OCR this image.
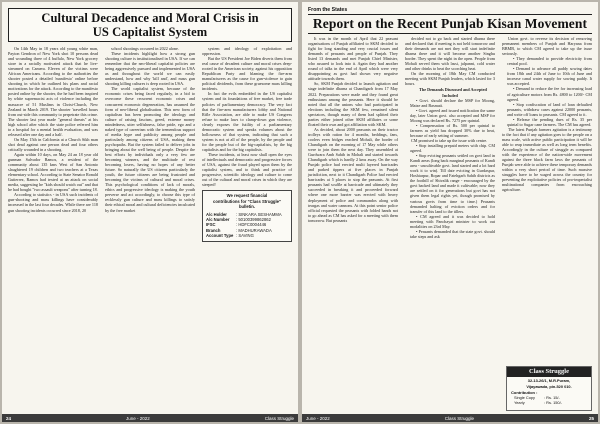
Cultural Decadence and Moral Crisis in
US Capitalist System

On 14th May in 18 years old young white man, Payton Gendron of New York shot 10 persons dead and wounding three of 4 buffalo, New York grocery store in a racially motivated attack that he live-streamed on Camera. Eleven of the victims were African Americans. According to the authorities the shooter posted a detailed 'manifesto' online before shooting in which he outlined his plans and racial motivations for the attack. According to the manifesto posted online by the shooter, the he had been inspired by white supremacist acts of violence including the massacre of 51 Muslims in Christ-Church, New Zealand in March 2019. The shooter 'travelled hours from out-side this community to perpetrate this crime. The shooter last year made "general threats" at his high school after which the state police referred him to a hospital for a mental health evaluation, and was released after one day and a half.

On May 15th in California at a Church Sikh man shot dead against one person dead and four others critically wounded in a shooting.

Again within 10 days, on May 24 an 18 year old gunman Salvador Ramos, a resident of the community about 135 kms West of San Antonio slaughtered 19 children and two teachers at a Texas elementary school. According to State Senator Ronald Gutierrez, Ramos had texted at an attack on social media, suggesting he "kids should watch out" and that he had bought "two assault weapons" after turning 18.

According to statistics - in USA such incidents of gun-shooting and mass killings have considerably increased in the last four decades. While there are 118 gun shooting incidents occurred since 2018, 20

school shootings occurred in 2022 alone.

These incidents highlight how a strong gun shooting culture is institutionalised in USA. If we can remember that the neo-liberal capitalist policies are being aggressively pursued and implemented in USA as and throughout the world we can easily understand, how and why 'kill and', and mass gun shooting killing cultures is deep rooted in USA.

The world capitalist system, because of the economic crises being faced regularly, in a bid to overcome these recurrent economic crises and concurrent economic degeneration, has assumed the form of neo-liberal globalisation. This new form of capitalism has been promoting the ideology and culture of raising fascism, greed, extreme money mindedness, utter selfishness, false pride, ego and a naked type of careerism with the tremendous support of media hype and publicity among people and particularly among citizens of USA, making them psychopaths. But the system failed to deliver jobs in bringing about the well being of people. Despite the best efforts by individuals only a very few are becoming winners, and the multitude of rest becoming losers, having no hopes of any better future. So naturally the US citizens particularly the youth, the future citizens are being frustrated and becoming the victims of cultural and moral crises. This psychological conditions of lack of morals, ethics and progressive ideology is making the youth perverse and act accordingly, to choose this type of recklessly gun culture and mass killings to satisfy their ethical moral and cultural deficiencies inculcated by the free market

system and ideology of exploitation and oppression.

But the US President Joe Biden diverts them from real cause of decadent culture and moral crises deep-rooted in the American society, against his opposition Republican Party and blaming the fire-arm manufacturers as the cause for gun-violence to gain political dividends, from these gruesome mass killing incidents.

In fact the evils embedded in the US capitalist system and its foundations of free market, free trade policies of parliamentary democracy. The very fact that the fire-arm manufacturers lobby and National Rifle Association, are able to make US Congress refuse to make laws to clamp-down gun violence, clearly exposes the futility of a parliamentary democratic system and speaks volumes about the hollowness of that system, indicating that such a system is not at all of the people, by the people and for the people but of the big-capitalists, by the big capitalists and for the big capitalists.

These incidents, at least now shall open the eyes of intellectuals and democratic and progressive forces of USA, against the fraud played upon them by the capitalist system, and to think and practice of progressive, scientific ideology and culture to come out of the cultural and moral crises in which they are steeped!

We request financial
contributions for "Class Struggle"
bulletin.
A/c Holder	: SINKARA SESHAMMA
A/c Number	: 50100399862862
IFSC	: HDFC0004446
Branch	: MADHURAWADA
Account Type : SAVING
24	June - 2022	Class Struggle
From the States
Report on the Recent Punjab Kisan Movement

It was in the month of April that 22 peasant organisations of Punjab affiliated to SKM decided to fight for long standing and very crucial issues and demands of peasants and people of Punjab. They listed 13 demands and met Punjab Chief Minister, who assured to look into it. Again they had another round of talks in the end of April which were very disappointing as govt had shown very negative attitude towards them.

So, SKM Punjab decided to launch agitation and stage indefinite dharna at Chandigarh from 17 May 2022. Preparations were made and they found great enthusiasm among the peasants. Here it should be noted that all the unions who had participated in elections including the SKM few, remained silent spectators, though many of them had splitted their parties either joined other SKM affiliates or some floated their own and got affiliation with SKM.

As decided, about 2000 peasants on their tractor trolleys with ration for 4 months, beddings, fans, coolers even fridges reached Mohali, the border of Chandigarh on the morning of 17 May while others were to join them the next day. They assembled at Gurdwara Amb Sahib in Mohali and started towards Chandigarh which is hardly 2 kms away. On the way Punjab police had erected multi layered barricades and parked tippers at five places in Punjab jurisdiction, next to it Chandigarh Police had erected barricades at 5 places to stop the peasants. At first peasants had scuffle at barricade and ultimately they succeeded in breaking it and proceeded forward where one more barrier was erected with heavy deployment of police and commandos along with teargas and water cannons. At this point senior police official requested the peasants with folded hands not to go ahead as CM has asked for a meeting with them tomorrow. But peasants

decided not to go back and started dharna there and declared that if meeting is not held tomorrow and their demands are not met they will start indefinite dharna there and it will become another Singhu border. They spent the night in the open. People from Mohali served them with lassi, jalpanni, cold water and other drinks to beat the scorching heat.

On the morning of 18th May CM conducted meeting with SKM Punjab leaders, which lasted for 3 hours.

The Demands Discussed and Accepted Included

• Govt. should declare the MSP for Moong, Maize and Basmati.

• Govt. agreed and issued notification the same day, later Union govt. also accepted and MSP for Moong was declared Rs. 7275 per quintal.

• Compensation of Rs. 500 per quintal to farmers as yield has dropped 30% due to heat, because of early setting of summer.

CM promised to take up the issue with centre.

• Stop installing prepaid meters with chip. CM agreed.

• Stop evicting peasants settled on govt land in Kandi areas (long back marginal peasants of Kandi area - uncultivable govt. land started and a lot hard work it to win). Till date evicting in Gurdaspur, Hoshiarpur, Ropar and Fatehgarh Sahib districts as the foothill of Shivalik range - encouraged by the govt backed land and made it cultivable; now they are settled on it for generations but govt has not given them legal rights yet, though promised by various govts from time to time.) Peasants demanded halting of eviction orders and for transfer of this land to the tillers.

• CM agreed and it was decided to hold meeting with Panchayat minister to work out modalities on 23rd May.

• Peasants demanded that the state govt. should take steps and ask

Union govt. to reverse its decision of removing permanent members of Punjab and Haryana from BBMB, to which CM agreed to take up the issue seriously.

• They demanded to provide electricity from central pool.

• Demand to advance all paddy sowing dates from 18th and 24th of June to 10th of June and increase canal water supply for sowing paddy. It was accepted.

• Demand to reduce the fee for increasing load of agriculture motors from Rs. 4800 to 1200/- CM agreed.

• Stop confiscation of land of loan defaulted peasants, withdraw cases against 22000 peasants, and write off loans to peasants. CM agreed to it.

• Release the pending dues of Rs. 35 per quintal to Sugar cane farmers. The CM has agreed.

The latest Punjab farmers agitation is a testimony to the fact that if any agitation goes to the people on a mass scale, with active public participation it will be able to reap immediate as well as long term benefits. Accordingly in the culture of struggle as compared with the experience of the nation-wide movement against the three black farm laws the peasants of Punjab were able to achieve these temporary demands within a very short period of time. Such massive struggles have to be waged across the country for preventing the exploitative policies of pro-imperialist multinational companies from encroaching agriculture.

Class Struggle
32-13-26/1, M.R.Puram,
Vijayawada, pin-520 010.
Contribution :
Single Copy	: Rs. 15/-
Yearly	: Rs. 150/-
June - 2022	Class Struggle	25
